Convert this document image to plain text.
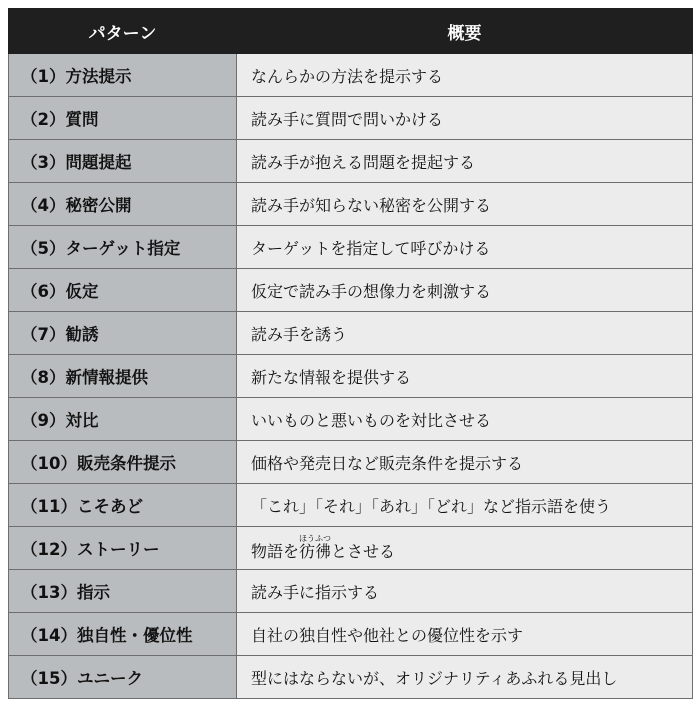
パターン	概要
（1）方法提示	なんらかの方法を提示する
（2）質問	読み手に質問で問いかける
（3）問題提起	読み手が抱える問題を提起する
（4）秘密公開	読み手が知らない秘密を公開する
（5）ターゲット指定	ターゲットを指定して呼びかける
（6）仮定	仮定で読み手の想像力を刺激する
（7）勧誘	読み手を誘う
（8）新情報提供	新たな情報を提供する
（9）対比	いいものと悪いものを対比させる
（10）販売条件提示	価格や発売日など販売条件を提示する
（11）こそあど	「これ」「それ」「あれ」「どれ」など指示語を使う
（12）ストーリー	物語を彷彿ほうふつとさせる
（13）指示	読み手に指示する
（14）独自性・優位性	自社の独自性や他社との優位性を示す
（15）ユニーク	型にはならないが、オリジナリティあふれる見出し
